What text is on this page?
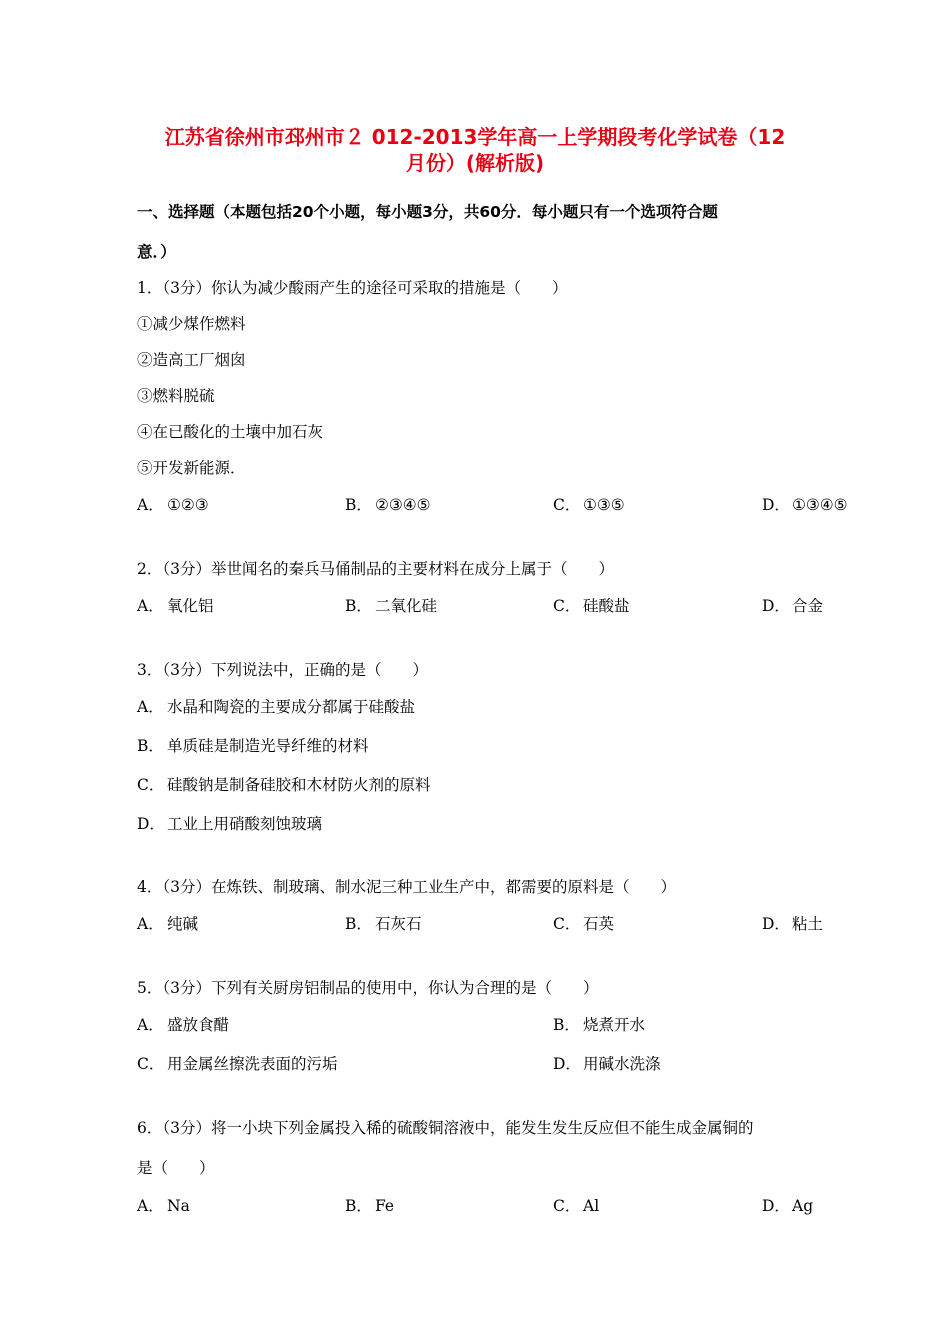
江苏省徐州市邳州市２ 012-2013学年高一上学期段考化学试卷（12
月份）(解析版)
一、选择题（本题包括20个小题，每小题3分，共60分．每小题只有一个选项符合题
意．）
1．（3分）你认为减少酸雨产生的途径可采取的措施是（　　）
①减少煤作燃料
②造高工厂烟囱
③燃料脱硫
④在已酸化的土壤中加石灰
⑤开发新能源．
A． ①②③	B． ②③④⑤	C． ①③⑤	D． ①③④⑤
2．（3分）举世闻名的秦兵马俑制品的主要材料在成分上属于（　　）
A． 氧化铝	B． 二氧化硅	C． 硅酸盐	D． 合金
3．（3分）下列说法中，正确的是（　　）
A． 水晶和陶瓷的主要成分都属于硅酸盐
B． 单质硅是制造光导纤维的材料
C． 硅酸钠是制备硅胶和木材防火剂的原料
D． 工业上用硝酸刻蚀玻璃
4．（3分）在炼铁、制玻璃、制水泥三种工业生产中，都需要的原料是（　　）
A． 纯碱	B． 石灰石	C． 石英	D． 粘土
5．（3分）下列有关厨房铝制品的使用中，你认为合理的是（　　）
A． 盛放食醋	B． 烧煮开水
C． 用金属丝擦洗表面的污垢	D． 用碱水洗涤
6．（3分）将一小块下列金属投入稀的硫酸铜溶液中，能发生发生反应但不能生成金属铜的
是（　　）
A． Na	B． Fe	C． Al	D． Ag
